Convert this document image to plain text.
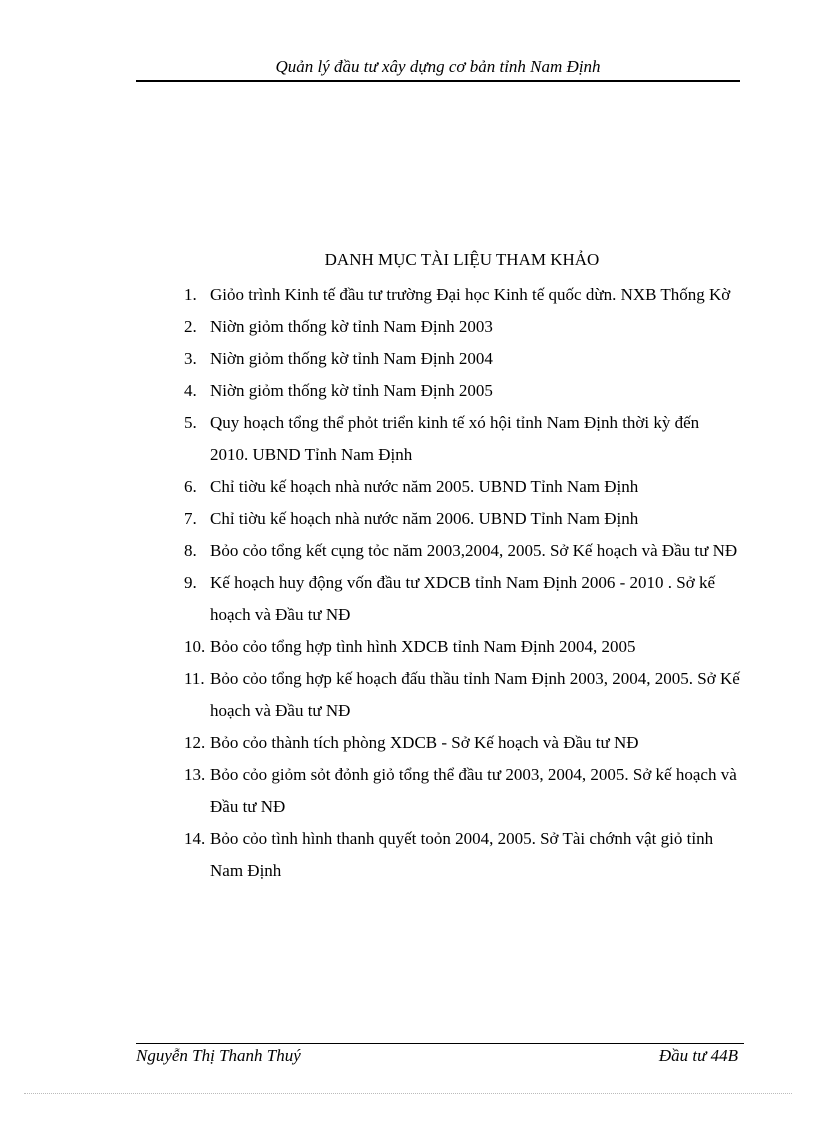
Quản lý đầu tư xây dựng cơ bản tỉnh Nam Định
DANH MỤC TÀI LIỆU THAM KHẢO
1. Giỏo trình Kinh tế đầu tư trường Đại học Kinh tế quốc dừn. NXB Thống Kờ
2. Niờn giỏm thống kờ tỉnh Nam Định 2003
3. Niờn giỏm thống kờ tỉnh Nam Định 2004
4. Niờn giỏm thống kờ tỉnh Nam Định 2005
5. Quy hoạch tổng thể phỏt triển kinh tế xó hội tỉnh Nam Định thời kỳ đến 2010. UBND Tỉnh Nam Định
6. Chỉ tiờu kế hoạch nhà nước năm 2005. UBND Tỉnh Nam Định
7. Chỉ tiờu kế hoạch nhà nước năm 2006. UBND Tỉnh Nam Định
8. Bỏo cỏo tổng kết cụng tỏc năm 2003,2004, 2005. Sở Kế hoạch và Đầu tư NĐ
9. Kế hoạch huy động vốn đầu tư XDCB tỉnh Nam Định 2006 - 2010 . Sở kế hoạch và Đầu tư NĐ
10. Bỏo cỏo tổng hợp tình hình XDCB tỉnh Nam Định 2004, 2005
11. Bỏo cỏo tổng hợp kế hoạch đấu thầu tỉnh Nam Định 2003, 2004, 2005. Sở Kế hoạch và Đầu tư NĐ
12. Bỏo cỏo thành tích phòng XDCB - Sở Kế hoạch và Đầu tư NĐ
13. Bỏo cỏo giỏm sỏt đỏnh giỏ tổng thể đầu tư 2003, 2004, 2005. Sở kế hoạch và Đầu tư NĐ
14. Bỏo cỏo tình hình thanh quyết toỏn 2004, 2005. Sở Tài chớnh vật giỏ tỉnh Nam Định
Nguyễn Thị Thanh Thuý	Đầu tư 44B
